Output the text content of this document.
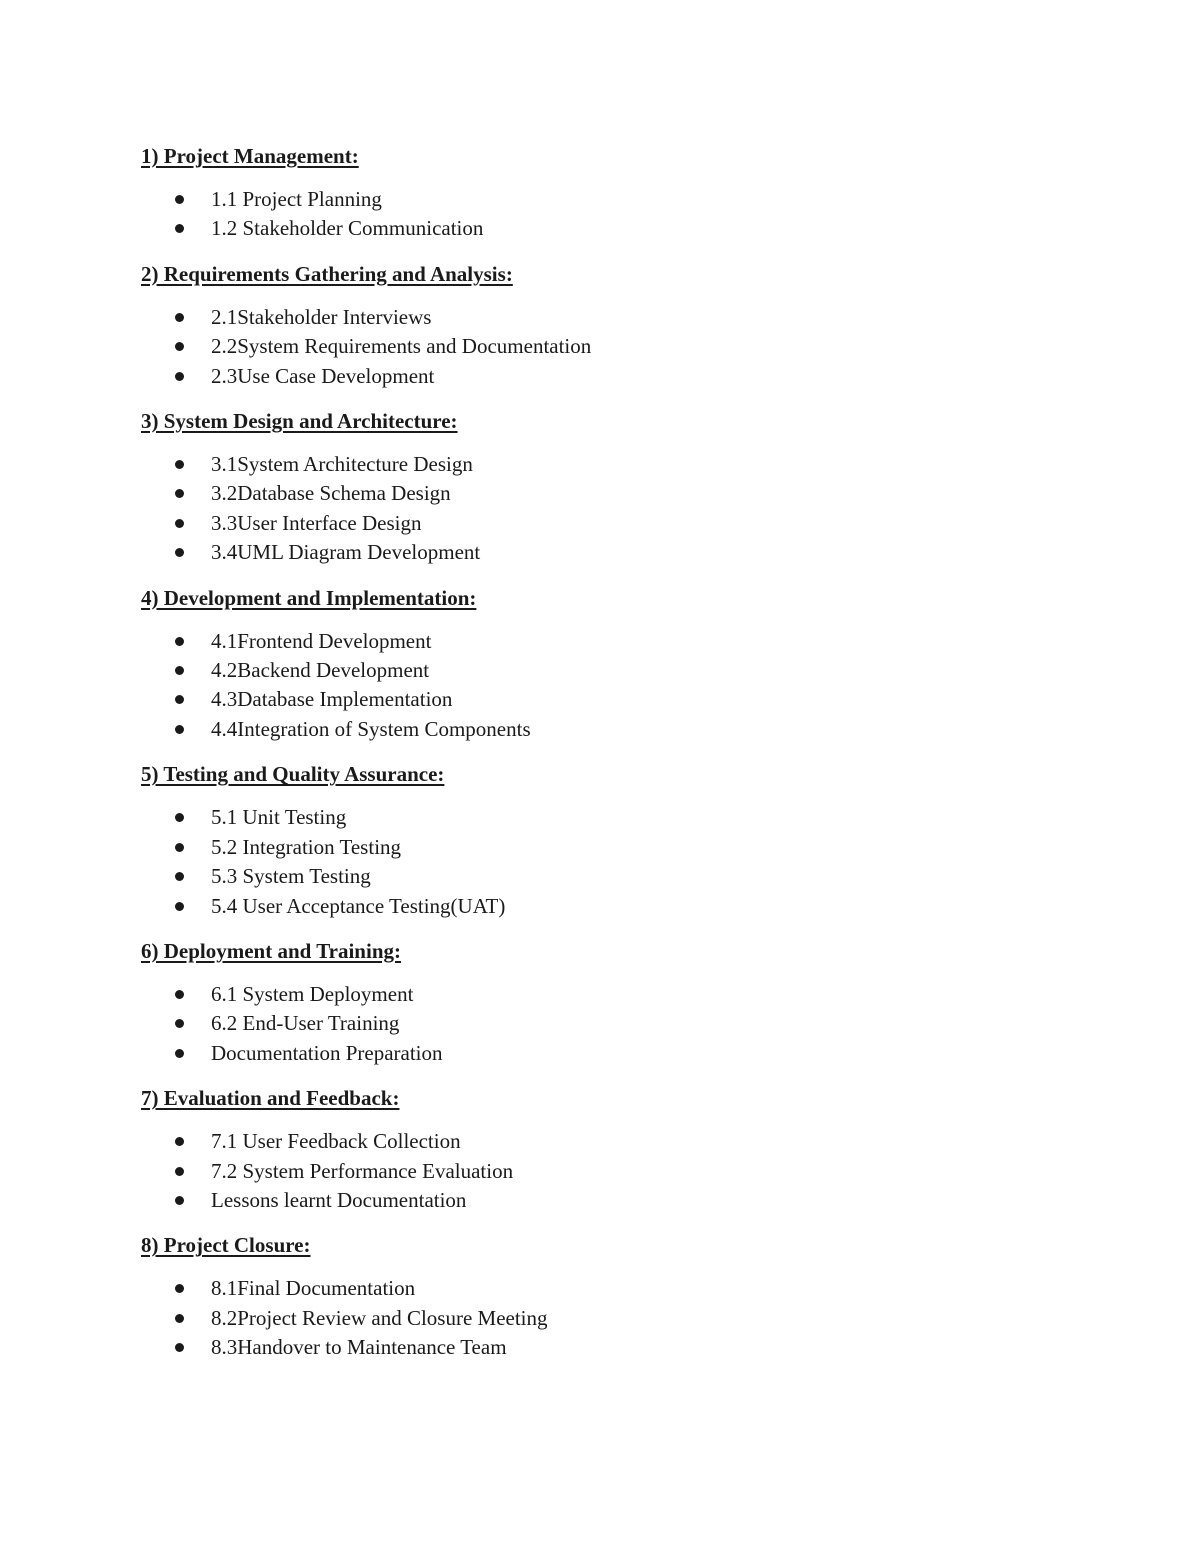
1) Project Management:
1.1 Project Planning
1.2 Stakeholder Communication
2) Requirements Gathering and Analysis:
2.1Stakeholder Interviews
2.2System Requirements and Documentation
2.3Use Case Development
3) System Design and Architecture:
3.1System Architecture Design
3.2Database Schema Design
3.3User Interface Design
3.4UML Diagram Development
4) Development and Implementation:
4.1Frontend Development
4.2Backend Development
4.3Database Implementation
4.4Integration of System Components
5) Testing and Quality Assurance:
5.1 Unit Testing
5.2 Integration Testing
5.3 System Testing
5.4 User Acceptance Testing(UAT)
6) Deployment and Training:
6.1 System Deployment
6.2 End-User Training
Documentation Preparation
7) Evaluation and Feedback:
7.1 User Feedback Collection
7.2 System Performance Evaluation
Lessons learnt Documentation
8) Project Closure:
8.1Final Documentation
8.2Project Review and Closure Meeting
8.3Handover to Maintenance Team
